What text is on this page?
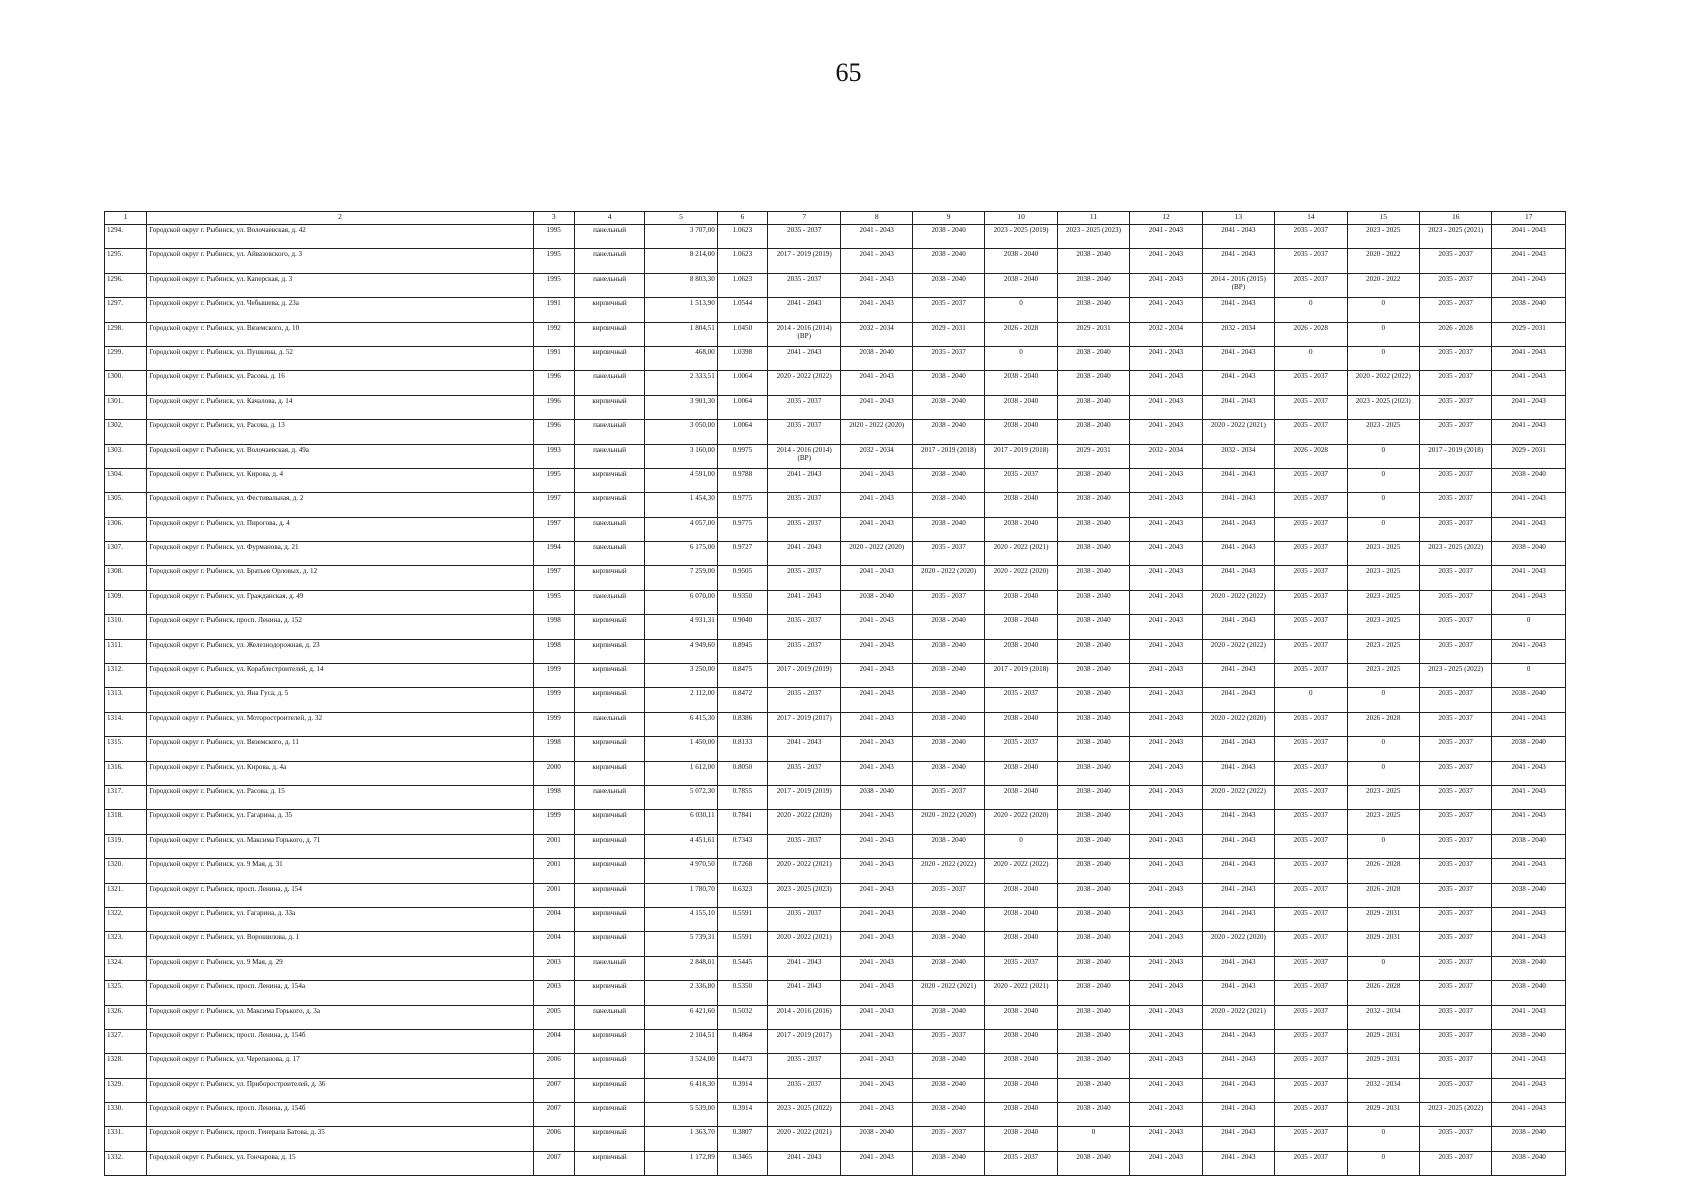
65
1	2	3	4	5	6	7	8	9	10	11	12	13	14	15	16	17
1294.	Городской округ г. Рыбинск, ул. Волочаевская, д. 42	1995	панельный	3 707,00	1.0623	2035 - 2037	2041 - 2043	2038 - 2040	2023 - 2025 (2019)	2023 - 2025 (2023)	2041 - 2043	2041 - 2043	2035 - 2037	2023 - 2025	2023 - 2025 (2021)	2041 - 2043
1295.	Городской округ г. Рыбинск, ул. Айвазовского, д. 3	1995	панельный	8 214,00	1.0623	2017 - 2019 (2019)	2041 - 2043	2038 - 2040	2038 - 2040	2038 - 2040	2041 - 2043	2041 - 2043	2035 - 2037	2020 - 2022	2035 - 2037	2041 - 2043
1296.	Городской округ г. Рыбинск, ул. Каперская, д. 3	1995	панельный	8 803,30	1.0623	2035 - 2037	2041 - 2043	2038 - 2040	2038 - 2040	2038 - 2040	2041 - 2043	2014 - 2016 (2015) (ВР)	2035 - 2037	2020 - 2022	2035 - 2037	2041 - 2043
1297.	Городской округ г. Рыбинск, ул. Чебышева, д. 23а	1991	кирпичный	1 513,90	1.0544	2041 - 2043	2041 - 2043	2035 - 2037	0	2038 - 2040	2041 - 2043	2041 - 2043	0	0	2035 - 2037	2038 - 2040
1298.	Городской округ г. Рыбинск, ул. Вяземского, д. 10	1992	кирпичный	1 804,51	1.0450	2014 - 2016 (2014) (ВР)	2032 - 2034	2029 - 2031	2026 - 2028	2029 - 2031	2032 - 2034	2032 - 2034	2026 - 2028	0	2026 - 2028	2029 - 2031
1299.	Городской округ г. Рыбинск, ул. Пушкина, д. 52	1991	кирпичный	468,00	1.0398	2041 - 2043	2038 - 2040	2035 - 2037	0	2038 - 2040	2041 - 2043	2041 - 2043	0	0	2035 - 2037	2041 - 2043
1300.	Городской округ г. Рыбинск, ул. Расова, д. 16	1996	панельный	2 333,51	1.0064	2020 - 2022 (2022)	2041 - 2043	2038 - 2040	2038 - 2040	2038 - 2040	2041 - 2043	2041 - 2043	2035 - 2037	2020 - 2022 (2022)	2035 - 2037	2041 - 2043
1301.	Городской округ г. Рыбинск, ул. Качалова, д. 14	1996	кирпичный	3 901,30	1.0064	2035 - 2037	2041 - 2043	2038 - 2040	2038 - 2040	2038 - 2040	2041 - 2043	2041 - 2043	2035 - 2037	2023 - 2025 (2023)	2035 - 2037	2041 - 2043
1302.	Городской округ г. Рыбинск, ул. Расова, д. 13	1996	панельный	3 050,00	1.0064	2035 - 2037	2020 - 2022 (2020)	2038 - 2040	2038 - 2040	2038 - 2040	2041 - 2043	2020 - 2022 (2021)	2035 - 2037	2023 - 2025	2035 - 2037	2041 - 2043
1303.	Городской округ г. Рыбинск, ул. Волочаевская, д. 49а	1993	панельный	3 160,00	0.9975	2014 - 2016 (2014) (ВР)	2032 - 2034	2017 - 2019 (2018)	2017 - 2019 (2018)	2029 - 2031	2032 - 2034	2032 - 2034	2026 - 2028	0	2017 - 2019 (2018)	2029 - 2031
1304.	Городской округ г. Рыбинск, ул. Кирова, д. 4	1995	кирпичный	4 591,00	0.9788	2041 - 2043	2041 - 2043	2038 - 2040	2035 - 2037	2038 - 2040	2041 - 2043	2041 - 2043	2035 - 2037	0	2035 - 2037	2038 - 2040
1305.	Городской округ г. Рыбинск, ул. Фестивальная, д. 2	1997	кирпичный	1 454,30	0.9775	2035 - 2037	2041 - 2043	2038 - 2040	2038 - 2040	2038 - 2040	2041 - 2043	2041 - 2043	2035 - 2037	0	2035 - 2037	2041 - 2043
1306.	Городской округ г. Рыбинск, ул. Пирогова, д. 4	1997	панельный	4 057,00	0.9775	2035 - 2037	2041 - 2043	2038 - 2040	2038 - 2040	2038 - 2040	2041 - 2043	2041 - 2043	2035 - 2037	0	2035 - 2037	2041 - 2043
1307.	Городской округ г. Рыбинск, ул. Фурманова, д. 21	1994	панельный	6 175,00	0.9727	2041 - 2043	2020 - 2022 (2020)	2035 - 2037	2020 - 2022 (2021)	2038 - 2040	2041 - 2043	2041 - 2043	2035 - 2037	2023 - 2025	2023 - 2025 (2022)	2038 - 2040
1308.	Городской округ г. Рыбинск, ул. Братьев Орловых, д. 12	1997	кирпичный	7 259,00	0.9505	2035 - 2037	2041 - 2043	2020 - 2022 (2020)	2020 - 2022 (2020)	2038 - 2040	2041 - 2043	2041 - 2043	2035 - 2037	2023 - 2025	2035 - 2037	2041 - 2043
1309.	Городской округ г. Рыбинск, ул. Гражданская, д. 49	1995	панельный	6 070,00	0.9350	2041 - 2043	2038 - 2040	2035 - 2037	2038 - 2040	2038 - 2040	2041 - 2043	2020 - 2022 (2022)	2035 - 2037	2023 - 2025	2035 - 2037	2041 - 2043
1310.	Городской округ г. Рыбинск, просп. Ленина, д. 152	1998	кирпичный	4 931,31	0.9040	2035 - 2037	2041 - 2043	2038 - 2040	2038 - 2040	2038 - 2040	2041 - 2043	2041 - 2043	2035 - 2037	2023 - 2025	2035 - 2037	0
1311.	Городской округ г. Рыбинск, ул. Железнодорожная, д. 23	1998	кирпичный	4 949,60	0.8945	2035 - 2037	2041 - 2043	2038 - 2040	2038 - 2040	2038 - 2040	2041 - 2043	2020 - 2022 (2022)	2035 - 2037	2023 - 2025	2035 - 2037	2041 - 2043
1312.	Городской округ г. Рыбинск, ул. Кораблестроителей, д. 14	1999	кирпичный	3 250,00	0.8475	2017 - 2019 (2019)	2041 - 2043	2038 - 2040	2017 - 2019 (2018)	2038 - 2040	2041 - 2043	2041 - 2043	2035 - 2037	2023 - 2025	2023 - 2025 (2022)	0
1313.	Городской округ г. Рыбинск, ул. Яна Гуса, д. 5	1999	кирпичный	2 112,00	0.8472	2035 - 2037	2041 - 2043	2038 - 2040	2035 - 2037	2038 - 2040	2041 - 2043	2041 - 2043	0	0	2035 - 2037	2038 - 2040
1314.	Городской округ г. Рыбинск, ул. Моторостроителей, д. 32	1999	панельный	6 415,30	0.8386	2017 - 2019 (2017)	2041 - 2043	2038 - 2040	2038 - 2040	2038 - 2040	2041 - 2043	2020 - 2022 (2020)	2035 - 2037	2026 - 2028	2035 - 2037	2041 - 2043
1315.	Городской округ г. Рыбинск, ул. Вяземского, д. 11	1998	кирпичный	1 450,00	0.8133	2041 - 2043	2041 - 2043	2038 - 2040	2035 - 2037	2038 - 2040	2041 - 2043	2041 - 2043	2035 - 2037	0	2035 - 2037	2038 - 2040
1316.	Городской округ г. Рыбинск, ул. Кирова, д. 4а	2000	кирпичный	1 612,00	0.8050	2035 - 2037	2041 - 2043	2038 - 2040	2038 - 2040	2038 - 2040	2041 - 2043	2041 - 2043	2035 - 2037	0	2035 - 2037	2041 - 2043
1317.	Городской округ г. Рыбинск, ул. Расова, д. 15	1998	панельный	5 072,30	0.7855	2017 - 2019 (2019)	2038 - 2040	2035 - 2037	2038 - 2040	2038 - 2040	2041 - 2043	2020 - 2022 (2022)	2035 - 2037	2023 - 2025	2035 - 2037	2041 - 2043
1318.	Городской округ г. Рыбинск, ул. Гагарина, д. 35	1999	кирпичный	6 030,11	0.7841	2020 - 2022 (2020)	2041 - 2043	2020 - 2022 (2020)	2020 - 2022 (2020)	2038 - 2040	2041 - 2043	2041 - 2043	2035 - 2037	2023 - 2025	2035 - 2037	2041 - 2043
1319.	Городской округ г. Рыбинск, ул. Максима Горького, д. 71	2001	кирпичный	4 451,61	0.7343	2035 - 2037	2041 - 2043	2038 - 2040	0	2038 - 2040	2041 - 2043	2041 - 2043	2035 - 2037	0	2035 - 2037	2038 - 2040
1320.	Городской округ г. Рыбинск, ул. 9 Мая, д. 31	2001	кирпичный	4 970,50	0.7268	2020 - 2022 (2021)	2041 - 2043	2020 - 2022 (2022)	2020 - 2022 (2022)	2038 - 2040	2041 - 2043	2041 - 2043	2035 - 2037	2026 - 2028	2035 - 2037	2041 - 2043
1321.	Городской округ г. Рыбинск, просп. Ленина, д. 154	2001	кирпичный	1 780,70	0.6323	2023 - 2025 (2023)	2041 - 2043	2035 - 2037	2038 - 2040	2038 - 2040	2041 - 2043	2041 - 2043	2035 - 2037	2026 - 2028	2035 - 2037	2038 - 2040
1322.	Городской округ г. Рыбинск, ул. Гагарина, д. 33а	2004	кирпичный	4 155,10	0.5591	2035 - 2037	2041 - 2043	2038 - 2040	2038 - 2040	2038 - 2040	2041 - 2043	2041 - 2043	2035 - 2037	2029 - 2031	2035 - 2037	2041 - 2043
1323.	Городской округ г. Рыбинск, ул. Ворошилова, д. 1	2004	кирпичный	5 739,31	0.5591	2020 - 2022 (2021)	2041 - 2043	2038 - 2040	2038 - 2040	2038 - 2040	2041 - 2043	2020 - 2022 (2020)	2035 - 2037	2029 - 2031	2035 - 2037	2041 - 2043
1324.	Городской округ г. Рыбинск, ул. 9 Мая, д. 29	2003	панельный	2 848,01	0.5445	2041 - 2043	2041 - 2043	2038 - 2040	2035 - 2037	2038 - 2040	2041 - 2043	2041 - 2043	2035 - 2037	0	2035 - 2037	2038 - 2040
1325.	Городской округ г. Рыбинск, просп. Ленина, д. 154а	2003	кирпичный	2 336,80	0.5350	2041 - 2043	2041 - 2043	2020 - 2022 (2021)	2020 - 2022 (2021)	2038 - 2040	2041 - 2043	2041 - 2043	2035 - 2037	2026 - 2028	2035 - 2037	2038 - 2040
1326.	Городской округ г. Рыбинск, ул. Максима Горького, д. 3а	2005	панельный	6 421,60	0.5032	2014 - 2016 (2016)	2041 - 2043	2038 - 2040	2038 - 2040	2038 - 2040	2041 - 2043	2020 - 2022 (2021)	2035 - 2037	2032 - 2034	2035 - 2037	2041 - 2043
1327.	Городской округ г. Рыбинск, просп. Ленина, д. 154б	2004	кирпичный	2 104,51	0.4864	2017 - 2019 (2017)	2041 - 2043	2035 - 2037	2038 - 2040	2038 - 2040	2041 - 2043	2041 - 2043	2035 - 2037	2029 - 2031	2035 - 2037	2038 - 2040
1328.	Городской округ г. Рыбинск, ул. Черепанова, д. 17	2006	кирпичный	3 524,00	0.4473	2035 - 2037	2041 - 2043	2038 - 2040	2038 - 2040	2038 - 2040	2041 - 2043	2041 - 2043	2035 - 2037	2029 - 2031	2035 - 2037	2041 - 2043
1329.	Городской округ г. Рыбинск, ул. Приборостроителей, д. 36	2007	кирпичный	6 418,30	0.3914	2035 - 2037	2041 - 2043	2038 - 2040	2038 - 2040	2038 - 2040	2041 - 2043	2041 - 2043	2035 - 2037	2032 - 2034	2035 - 2037	2041 - 2043
1330.	Городской округ г. Рыбинск, просп. Ленина, д. 154б	2007	кирпичный	5 539,00	0.3914	2023 - 2025 (2022)	2041 - 2043	2038 - 2040	2038 - 2040	2038 - 2040	2041 - 2043	2041 - 2043	2035 - 2037	2029 - 2031	2023 - 2025 (2022)	2041 - 2043
1331.	Городской округ г. Рыбинск, просп. Генерала Батова, д. 35	2006	кирпичный	1 363,70	0.3807	2020 - 2022 (2021)	2038 - 2040	2035 - 2037	2038 - 2040	0	2041 - 2043	2041 - 2043	2035 - 2037	0	2035 - 2037	2038 - 2040
1332.	Городской округ г. Рыбинск, ул. Гончарова, д. 15	2007	кирпичный	1 172,89	0.3465	2041 - 2043	2041 - 2043	2038 - 2040	2035 - 2037	2038 - 2040	2041 - 2043	2041 - 2043	2035 - 2037	0	2035 - 2037	2038 - 2040
